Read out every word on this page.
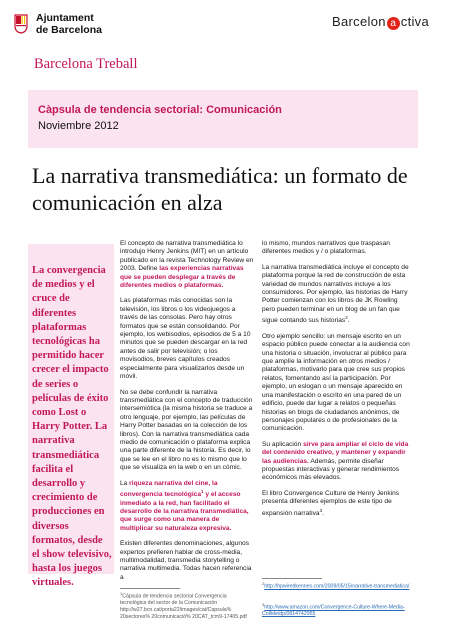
Ajuntament
de Barcelona
Barcelon a ctiva
Barcelona Treball
Càpsula de tendencia sectorial: Comunicación
Noviembre 2012
La narrativa transmediática: un formato de comunicación en alza
La convergencia de medios y el cruce de diferentes plataformas tecnológicas ha permitido hacer crecer el impacto de series o películas de éxito como Lost o Harry Potter. La narrativa transmediática facilita el desarrollo y crecimiento de producciones en diversos formatos, desde el show televisivo, hasta los juegos virtuales.

El concepto de narrativa transmediática lo introdujo Henry Jenkins (MIT) en un artículo publicado en la revista Technology Review en 2003. Define las experiencias narrativas que se pueden desplegar a través de diferentes medios o plataformas.

Las plataformas más conocidas son la televisión, los libros o los videojuegos a través de las consolas. Pero hay otros formatos que se están consolidando. Por ejemplo, los webisodios, episodios de 5 a 10 minutos que se pueden descargar en la red antes de salir por televisión; o los movisodios, breves capítulos creados especialmente para visualizarlos desde un móvil.

No se debe confundir la narrativa transmediática con el concepto de traducción intersemiótica (la misma historia se traduce a otro lenguaje, por ejemplo, las películas de Harry Potter basadas en la colección de los libros). Con la narrativa transmediática cada medio de comunicación o plataforma explica una parte diferente de la historia. Es decir, lo que se lee en el libro no es lo mismo que lo que se visualiza en la web o en un cómic.

La riqueza narrativa del cine, la convergencia tecnológica$^1$ y el acceso inmediato a la red, han facilitado el desarrollo de la narrativa transmediática, que surge como una manera de multiplicar su naturaleza expresiva.

Existen diferentes denominaciones, algunos expertos prefieren hablar de cross-media, multimodalidad, transmedia storytelling o narrativa multimedia. Todas hacen referencia a

$^1$Càpsula de tendencia sectorial Convergencia tecnológica del sector de la Comunicación http://w27.bcn.cat/porta22/images/cat/Capsula% 20sectores% 20comunicació% 20CAT_tcm9-17405.pdf

lo mismo, mundos narrativos que traspasan diferentes medios y / o plataformas.

La narrativa transmediática incluye el concepto de plataforma porque la red de construcción de esta variedad de mundos narrativos incluye a los consumidores. Por ejemplo, las historias de Harry Potter comienzan con los libros de JK Rowling pero pueden terminar en un blog de un fan que sigue contando sus historias$^2$.

Otro ejemplo sencillo: un mensaje escrito en un espacio público puede conectar a la audiencia con una historia o situación, involucrar al público para que amplíe la información en otros medios / plataformas, motivarlo para que cree sus propios relatos, fomentando así la participación. Por ejemplo, un eslogan o un mensaje aparecido en una manifestación o escrito en una pared de un edificio, puede dar lugar a relatos o pequeñas historias en blogs de ciudadanos anónimos, de personajes populares o de profesionales de la comunicación.

Su aplicación sirve para ampliar el ciclo de vida del contenido creativo, y mantener y expandir las audiencias. Además, permite diseñar propuestas interactivas y generar rendimientos económicos más elevados.

El libro Convergence Culture de Henry Jenkins presenta diferentes ejemplos de este tipo de expansión narrativa$^3$.

$^2$http://hpwiredkennes.com/2009/05/15/narrative-transmediatica/
$^3$http://www.amazon.com/Convergence-Culture-Where-Media-Collide/dp/0814742955
